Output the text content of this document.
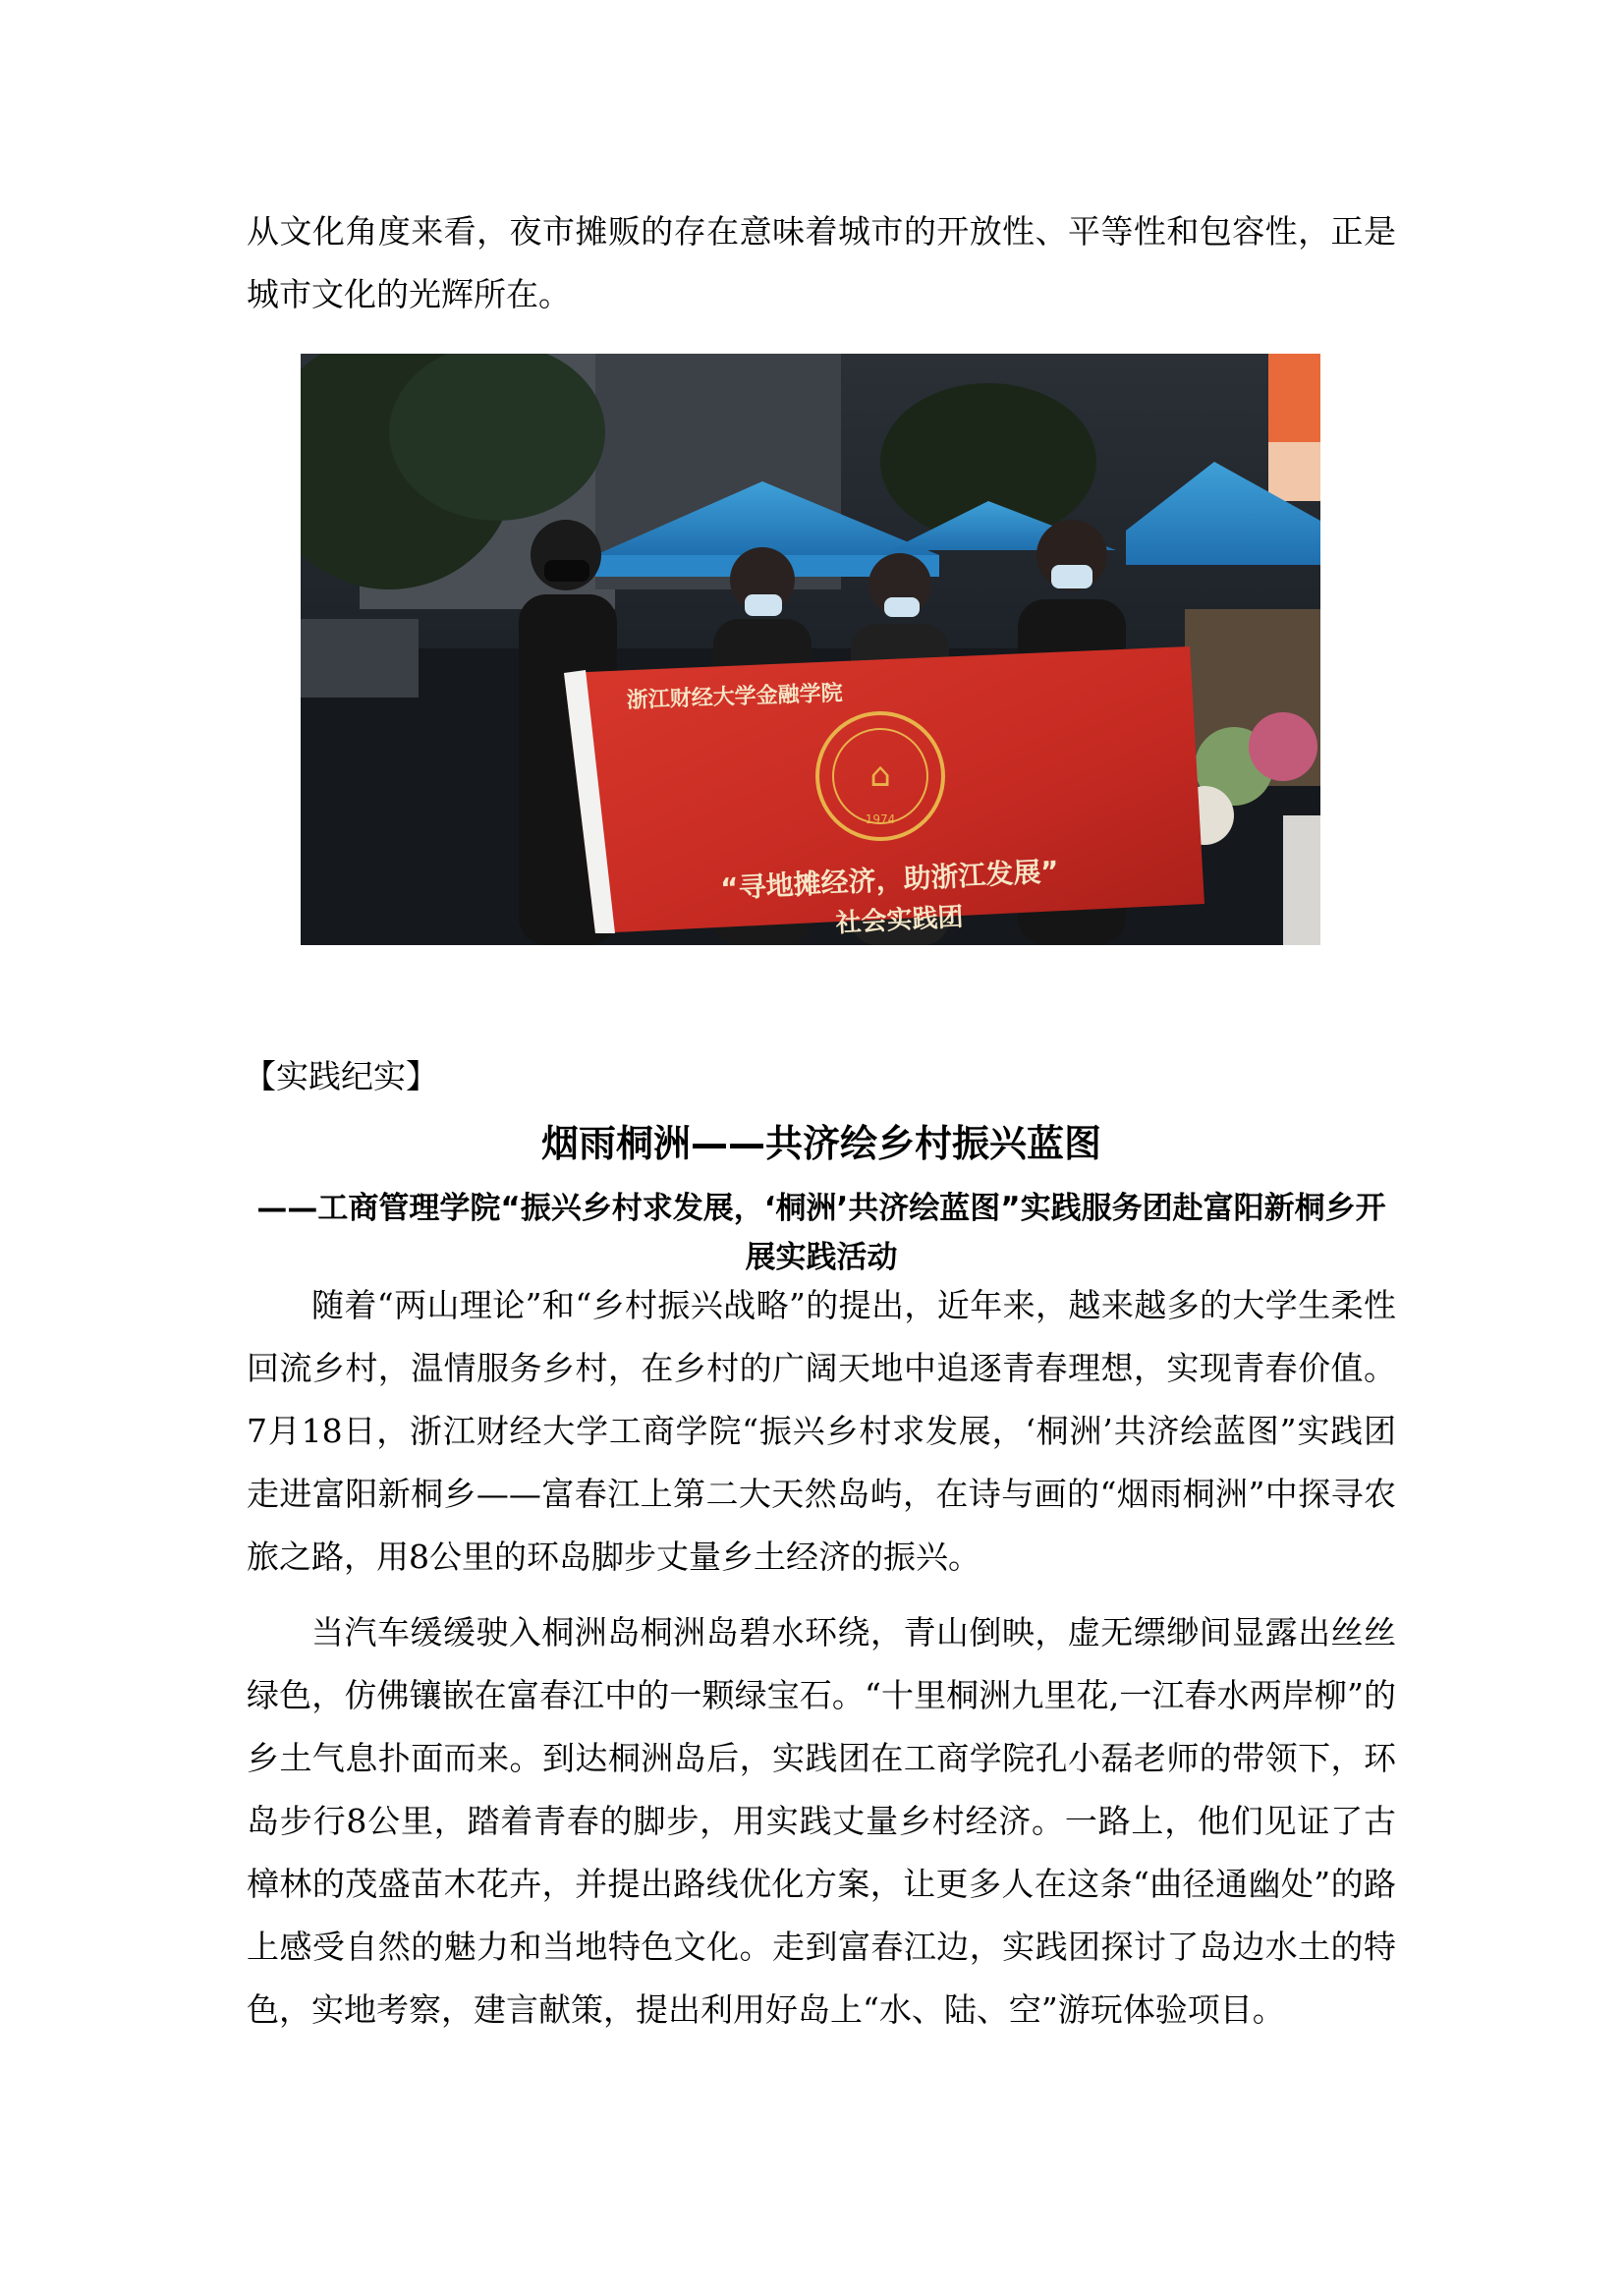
从文化角度来看，夜市摊贩的存在意味着城市的开放性、平等性和包容性，正是城市文化的光辉所在。

⌂
1974
浙江财经大学金融学院
“寻地摊经济，助浙江发展”
社会实践团

【实践纪实】

烟雨桐洲——共济绘乡村振兴蓝图
——工商管理学院“振兴乡村求发展，‘桐洲’共济绘蓝图”实践服务团赴富阳新桐乡开展实践活动

随着“两山理论”和“乡村振兴战略”的提出，近年来，越来越多的大学生柔性回流乡村，温情服务乡村，在乡村的广阔天地中追逐青春理想，实现青春价值。7月18日，浙江财经大学工商学院“振兴乡村求发展，‘桐洲’共济绘蓝图”实践团走进富阳新桐乡——富春江上第二大天然岛屿，在诗与画的“烟雨桐洲”中探寻农旅之路，用8公里的环岛脚步丈量乡土经济的振兴。

当汽车缓缓驶入桐洲岛桐洲岛碧水环绕，青山倒映，虚无缥缈间显露出丝丝绿色，仿佛镶嵌在富春江中的一颗绿宝石。“十里桐洲九里花,一江春水两岸柳”的乡土气息扑面而来。到达桐洲岛后，实践团在工商学院孔小磊老师的带领下，环岛步行8公里，踏着青春的脚步，用实践丈量乡村经济。一路上，他们见证了古樟林的茂盛苗木花卉，并提出路线优化方案，让更多人在这条“曲径通幽处”的路上感受自然的魅力和当地特色文化。走到富春江边，实践团探讨了岛边水土的特色，实地考察，建言献策，提出利用好岛上“水、陆、空”游玩体验项目。
